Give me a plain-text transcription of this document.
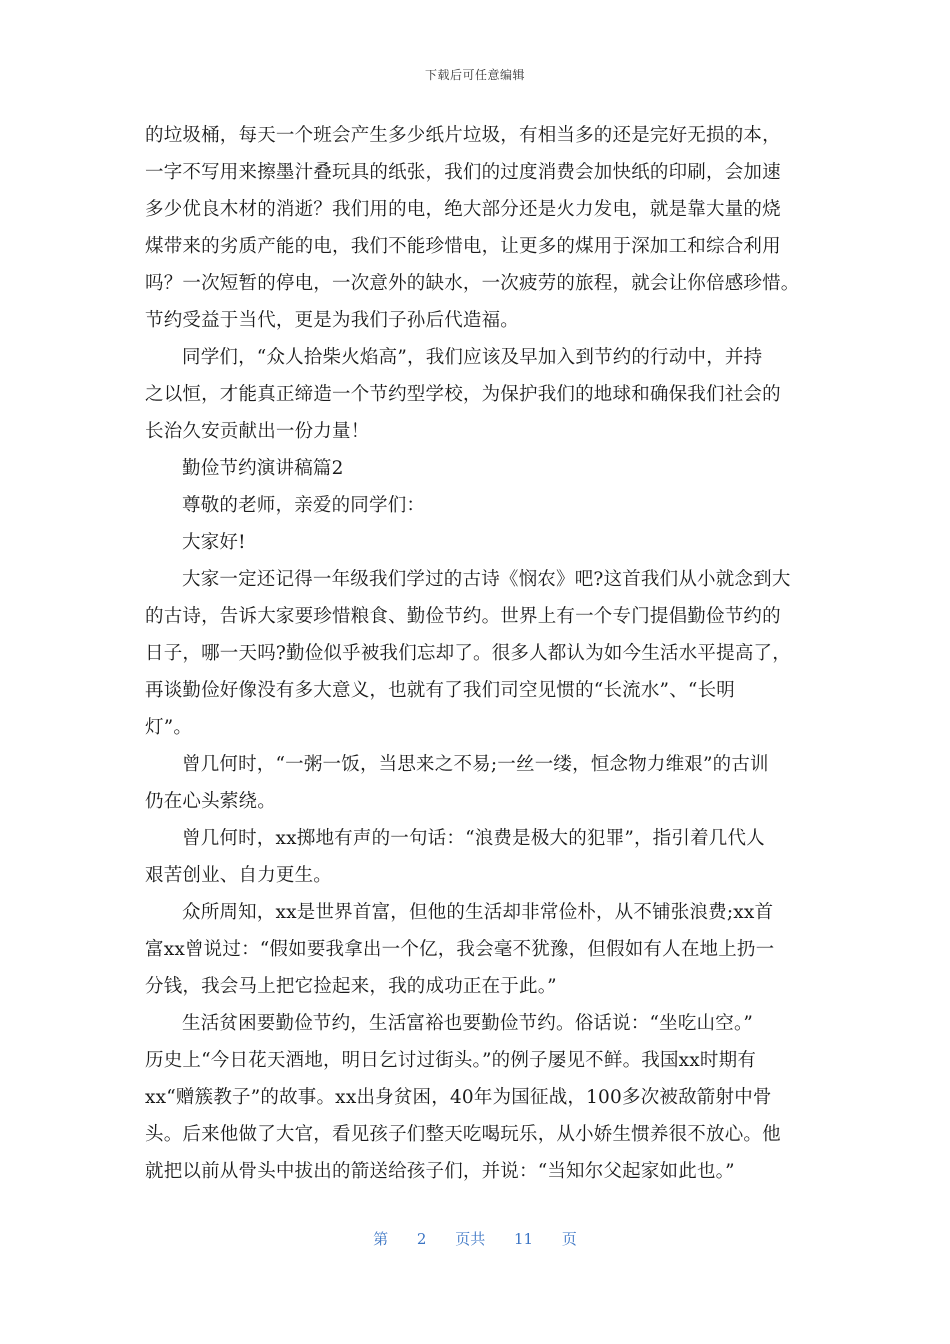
下载后可任意编辑
的垃圾桶，每天一个班会产生多少纸片垃圾，有相当多的还是完好无损的本，
一字不写用来擦墨汁叠玩具的纸张，我们的过度消费会加快纸的印刷，会加速
多少优良木材的消逝？我们用的电，绝大部分还是火力发电，就是靠大量的烧
煤带来的劣质产能的电，我们不能珍惜电，让更多的煤用于深加工和综合利用
吗？一次短暂的停电，一次意外的缺水，一次疲劳的旅程，就会让你倍感珍惜。
节约受益于当代，更是为我们子孙后代造福。
同学们，“众人拾柴火焰高”，我们应该及早加入到节约的行动中，并持
之以恒，才能真正缔造一个节约型学校，为保护我们的地球和确保我们社会的
长治久安贡献出一份力量！
勤俭节约演讲稿篇2
尊敬的老师，亲爱的同学们：
大家好!
大家一定还记得一年级我们学过的古诗《悯农》吧?这首我们从小就念到大
的古诗，告诉大家要珍惜粮食、勤俭节约。世界上有一个专门提倡勤俭节约的
日子，哪一天吗?勤俭似乎被我们忘却了。很多人都认为如今生活水平提高了，
再谈勤俭好像没有多大意义，也就有了我们司空见惯的“长流水”、“长明
灯”。
曾几何时，“一粥一饭，当思来之不易;一丝一缕，恒念物力维艰”的古训
仍在心头萦绕。
曾几何时，xx掷地有声的一句话：“浪费是极大的犯罪”，指引着几代人
艰苦创业、自力更生。
众所周知，xx是世界首富，但他的生活却非常俭朴，从不铺张浪费;xx首
富xx曾说过：“假如要我拿出一个亿，我会毫不犹豫，但假如有人在地上扔一
分钱，我会马上把它捡起来，我的成功正在于此。”
生活贫困要勤俭节约，生活富裕也要勤俭节约。俗话说：“坐吃山空。”
历史上“今日花天酒地，明日乞讨过街头。”的例子屡见不鲜。我国xx时期有
xx“赠簇教子”的故事。xx出身贫困，40年为国征战，100多次被敌箭射中骨
头。后来他做了大官，看见孩子们整天吃喝玩乐，从小娇生惯养很不放心。他
就把以前从骨头中拔出的箭送给孩子们，并说：“当知尔父起家如此也。”
第 2 页共 11 页
